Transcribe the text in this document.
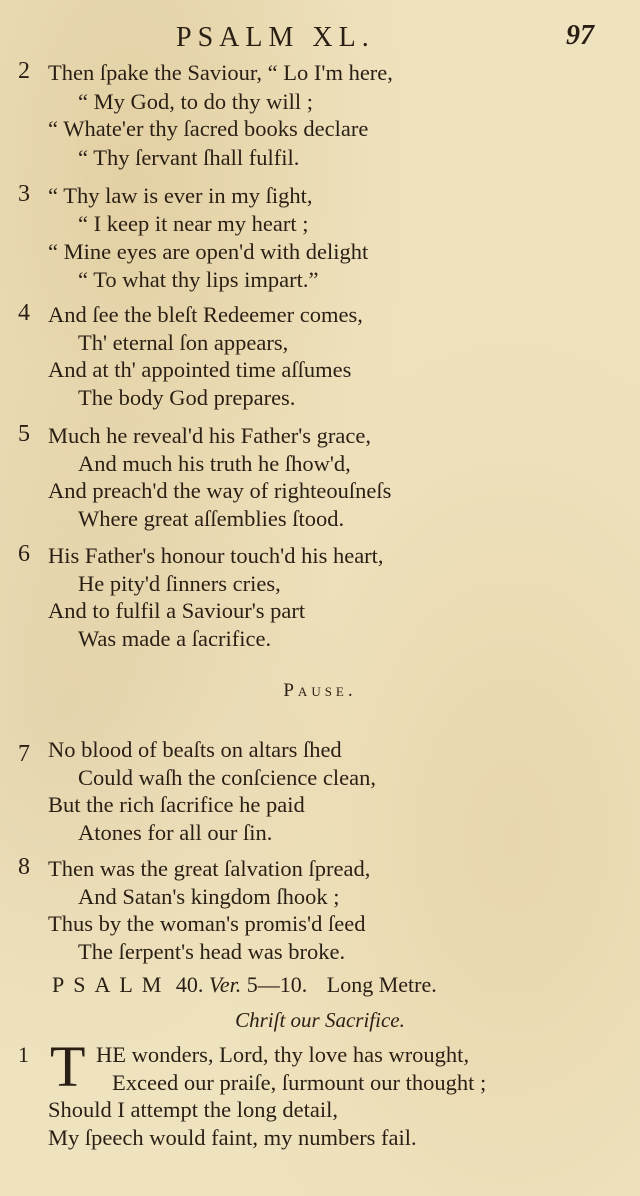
PSALM XL.	97
2 Then ſpake the Saviour, “ Lo I'm here,
“ My God, to do thy will ;
“ Whate'er thy ſacred books declare
“ Thy ſervant ſhall fulfil.
3 “ Thy law is ever in my ſight,
“ I keep it near my heart ;
“ Mine eyes are open'd with delight
“ To what thy lips impart.”
4 And ſee the bleſt Redeemer comes,
Th' eternal ſon appears,
And at th' appointed time aſſumes
The body God prepares.
5 Much he reveal'd his Father's grace,
And much his truth he ſhow'd,
And preach'd the way of righteouſneſs
Where great aſſemblies ſtood.
6 His Father's honour touch'd his heart,
He pity'd ſinners cries,
And to fulfil a Saviour's part
Was made a ſacrifice.
Pause.
7 No blood of beaſts on altars ſhed
Could waſh the conſcience clean,
But the rich ſacrifice he paid
Atones for all our ſin.
8 Then was the great ſalvation ſpread,
And Satan's kingdom ſhook ;
Thus by the woman's promis'd ſeed
The ſerpent's head was broke.
PSALM 40. Ver. 5—10. Long Metre.
Chriſt our Sacrifice.
1 T HE wonders, Lord, thy love has wrought,
Exceed our praiſe, ſurmount our thought ;
Should I attempt the long detail,
My ſpeech would faint, my numbers fail.
